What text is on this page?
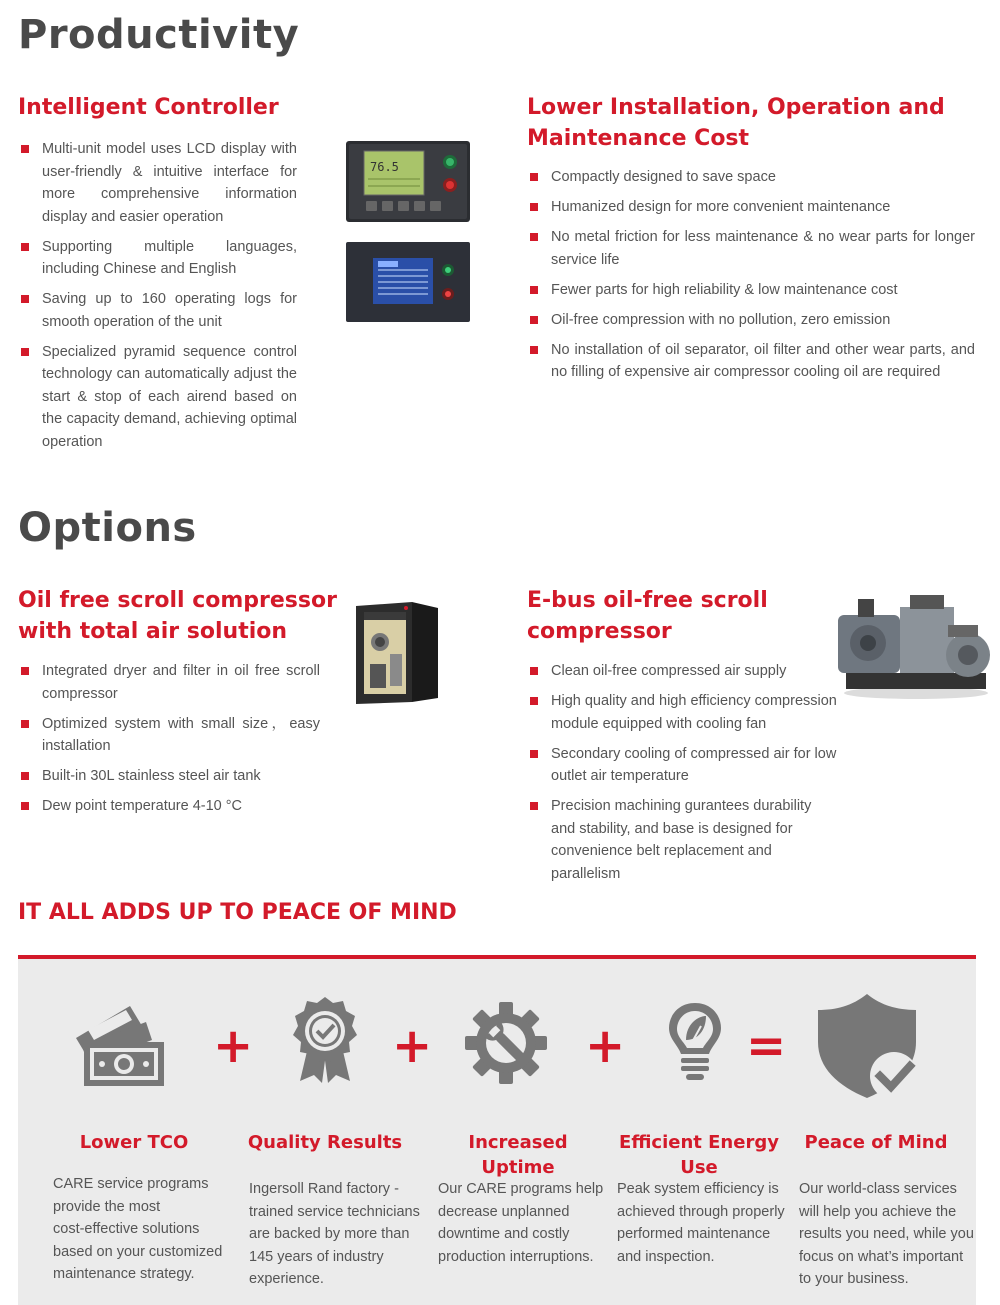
Productivity
Intelligent Controller
Multi-unit model uses LCD display with user-friendly & intuitive interface for more comprehensive information display and easier operation
Supporting multiple languages, including Chinese and English
Saving up to 160 operating logs for smooth operation of the unit
Specialized pyramid sequence control technology can automatically adjust the start & stop of each airend based on the capacity demand, achieving optimal operation
76.5
Lower Installation, Operation and
Maintenance Cost
Compactly designed to save space
Humanized design for more convenient maintenance
No metal friction for less maintenance & no wear parts for longer service life
Fewer parts for high reliability & low maintenance cost
Oil-free compression with no pollution, zero emission
No installation of oil separator, oil filter and other wear parts, and no filling of expensive air compressor cooling oil are required
Options
Oil free scroll compressor
with total air solution
Integrated dryer and filter in oil free scroll compressor
Optimized system with small size，easy installation
Built-in 30L stainless steel air tank
Dew point temperature 4-10 °C
E-bus oil-free scroll
compressor
Clean oil-free compressed air supply
High quality and high efficiency compression module equipped with cooling fan
Secondary cooling of compressed air for low outlet air temperature
Precision machining gurantees durability and stability, and base is designed for convenience belt replacement and parallelism
IT ALL ADDS UP TO PEACE OF MIND
+	+	+	=
Lower TCO	Quality Results	Increased Uptime
Efficient Energy
Use
Peace of Mind
CARE service programs
provide the most
cost-effective solutions
based on your customized
maintenance strategy.
Ingersoll Rand factory -
trained service technicians
are backed by more than
145 years of industry
experience.
Our CARE programs help
decrease unplanned
downtime and costly
production interruptions.
Peak system efficiency is
achieved through properly
performed maintenance
and inspection.
Our world-class services
will help you achieve the
results you need, while you
focus on what’s important
to your business.
